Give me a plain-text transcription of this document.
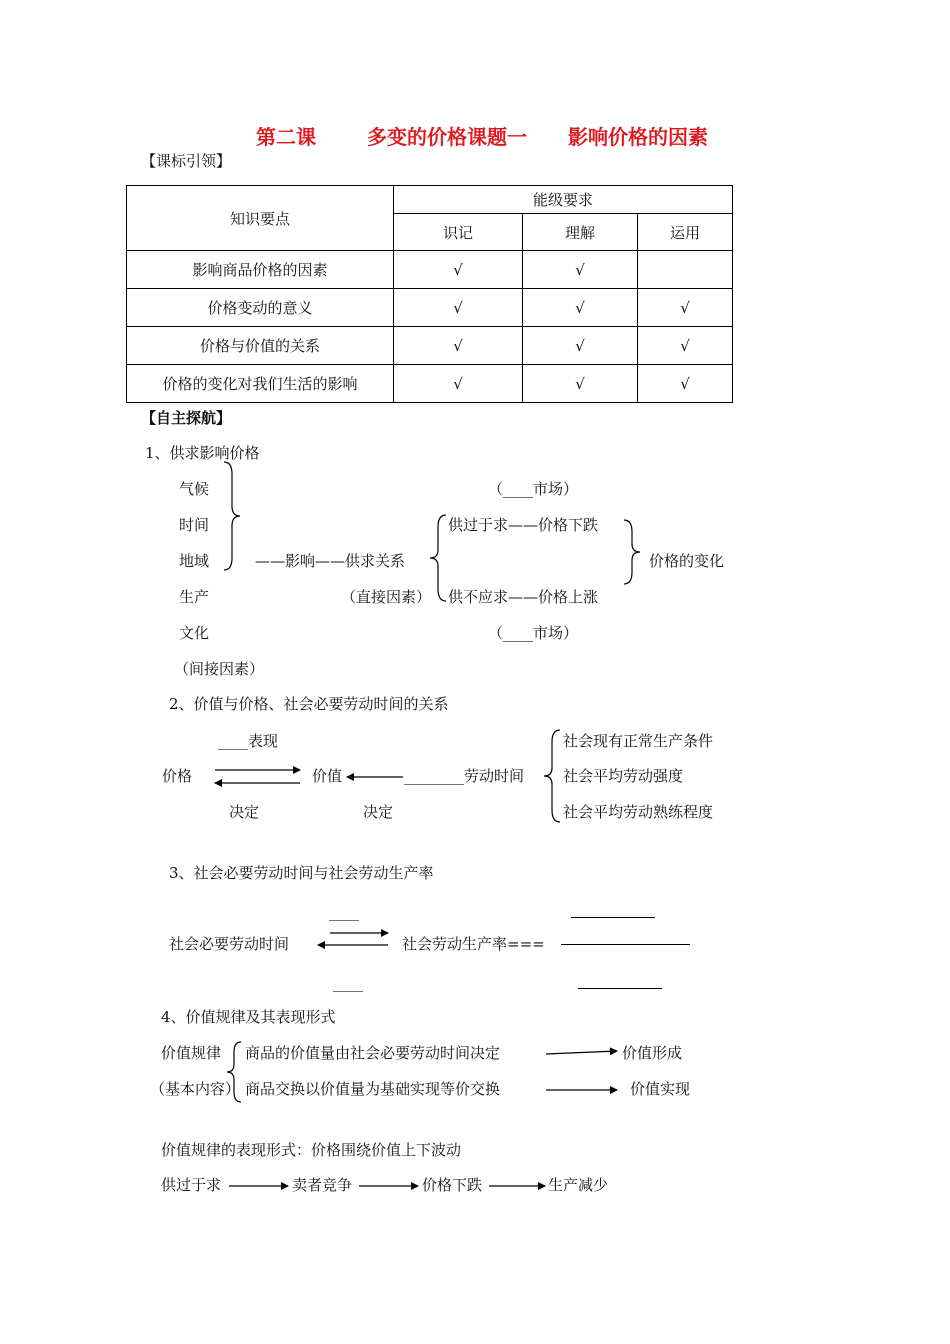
第二课	多变的价格课题一 影响价格的因素
【课标引领】
知识要点	能级要求		
	识记	理解	运用
影响商品价格的因素	√	√	
价格变动的意义	√	√	√
价格与价值的关系	√	√	√
价格的变化对我们生活的影响	√	√	√
【自主探航】
1、供求影响价格
气候
时间
地域
生产
文化
（间接因素）
——影响——供求关系
（直接因素）
（____市场）
供过于求——价格下跌
供不应求——价格上涨
（____市场）
价格的变化
2、价值与价格、社会必要劳动时间的关系
____表现
价格	价值	________劳动时间
决定	决定
社会现有正常生产条件
社会平均劳动强度
社会平均劳动熟练程度
3、社会必要劳动时间与社会劳动生产率
____
社会必要劳动时间	社会劳动生产率===
____
4、价值规律及其表现形式
价值规律
（基本内容）
商品的价值量由社会必要劳动时间决定
商品交换以价值量为基础实现等价交换
价值形成
价值实现
价值规律的表现形式：价格围绕价值上下波动
供过于求	卖者竞争	价格下跌	生产减少
